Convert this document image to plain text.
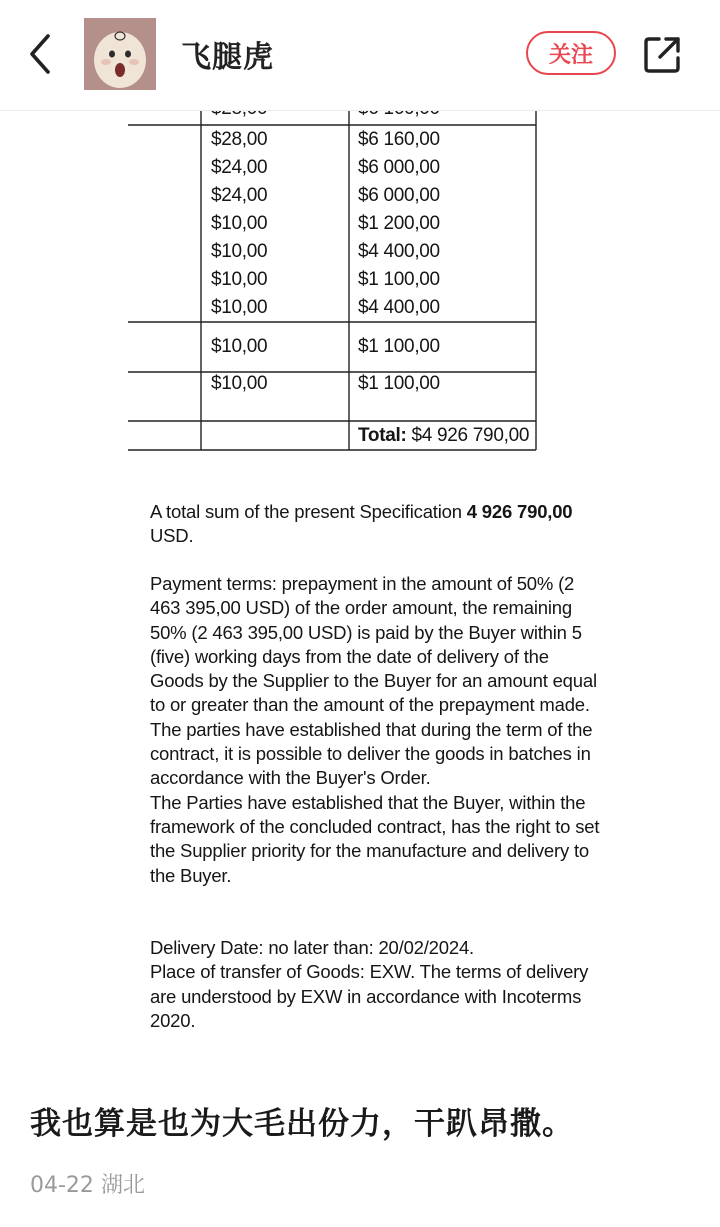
飞腿虎	关注
$28,00	$6 160,00
$24,00	$6 000,00
$24,00	$6 000,00
$10,00	$1 200,00
$10,00	$4 400,00
$10,00	$1 100,00
$10,00	$4 400,00
$10,00	$1 100,00
$10,00	$1 100,00
Total: $4 926 790,00

A total sum of the present Specification 4 926 790,00 USD.

Payment terms: prepayment in the amount of 50% (2 463 395,00 USD) of the order amount, the remaining 50% (2 463 395,00 USD) is paid by the Buyer within 5 (five) working days from the date of delivery of the Goods by the Supplier to the Buyer for an amount equal to or greater than the amount of the prepayment made.

The parties have established that during the term of the contract, it is possible to deliver the goods in batches in accordance with the Buyer's Order.

The Parties have established that the Buyer, within the framework of the concluded contract, has the right to set the Supplier priority for the manufacture and delivery to the Buyer.

Delivery Date: no later than: 20/02/2024.

Place of transfer of Goods: EXW. The terms of delivery are understood by EXW in accordance with Incoterms 2020.

我也算是也为大毛出份力，干趴昂撒。
04-22 湖北
